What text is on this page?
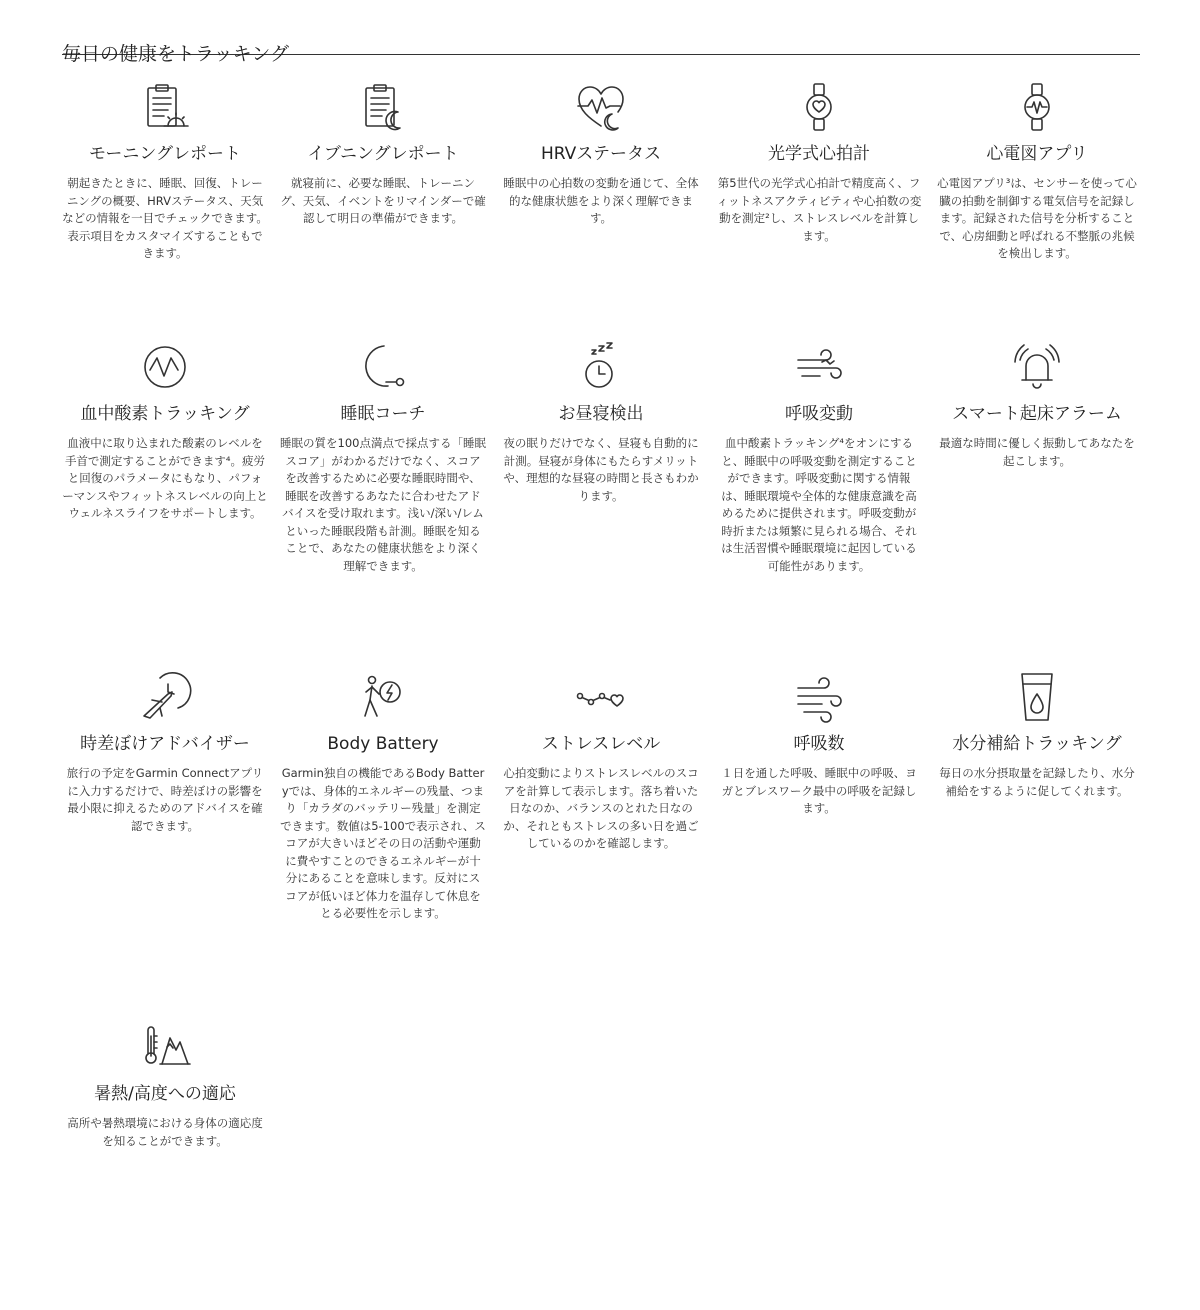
毎日の健康をトラッキング
モーニングレポート
朝起きたときに、睡眠、回復、トレーニングの概要、HRVステータス、天気などの情報を一目でチェックできます。表示項目をカスタマイズすることもできます。
イブニングレポート
就寝前に、必要な睡眠、トレーニング、天気、イベントをリマインダーで確認して明日の準備ができます。
HRVステータス
睡眠中の心拍数の変動を通じて、全体的な健康状態をより深く理解できます。
光学式心拍計
第5世代の光学式心拍計で精度高く、フィットネスアクティビティや心拍数の変動を測定²し、ストレスレベルを計算します。
心電図アプリ
心電図アプリ³は、センサーを使って心臓の拍動を制御する電気信号を記録します。記録された信号を分析することで、心房細動と呼ばれる不整脈の兆候を検出します。
血中酸素トラッキング
血液中に取り込まれた酸素のレベルを手首で測定することができます⁴。疲労と回復のパラメータにもなり、パフォーマンスやフィットネスレベルの向上とウェルネスライフをサポートします。
睡眠コーチ
睡眠の質を100点満点で採点する「睡眠スコア」がわかるだけでなく、スコアを改善するために必要な睡眠時間や、睡眠を改善するあなたに合わせたアドバイスを受け取れます。浅い/深い/レムといった睡眠段階も計測。睡眠を知ることで、あなたの健康状態をより深く理解できます。
お昼寝検出
夜の眠りだけでなく、昼寝も自動的に計測。昼寝が身体にもたらすメリットや、理想的な昼寝の時間と長さもわかります。
呼吸変動
血中酸素トラッキング⁴をオンにすると、睡眠中の呼吸変動を測定することができます。呼吸変動に関する情報は、睡眠環境や全体的な健康意識を高めるために提供されます。呼吸変動が時折または頻繁に見られる場合、それは生活習慣や睡眠環境に起因している可能性があります。
スマート起床アラーム
最適な時間に優しく振動してあなたを起こします。
時差ぼけアドバイザー
旅行の予定をGarmin Connectアプリに入力するだけで、時差ぼけの影響を最小限に抑えるためのアドバイスを確認できます。
Body Battery
Garmin独自の機能であるBody Batteryでは、身体的エネルギーの残量、つまり「カラダのバッテリー残量」を測定できます。数値は5-100で表示され、スコアが大きいほどその日の活動や運動に費やすことのできるエネルギーが十分にあることを意味します。反対にスコアが低いほど体力を温存して休息をとる必要性を示します。
ストレスレベル
心拍変動によりストレスレベルのスコアを計算して表示します。落ち着いた日なのか、バランスのとれた日なのか、それともストレスの多い日を過ごしているのかを確認します。
呼吸数
１日を通した呼吸、睡眠中の呼吸、ヨガとブレスワーク最中の呼吸を記録します。
水分補給トラッキング
毎日の水分摂取量を記録したり、水分補給をするように促してくれます。
暑熱/高度への適応
高所や暑熱環境における身体の適応度を知ることができます。
